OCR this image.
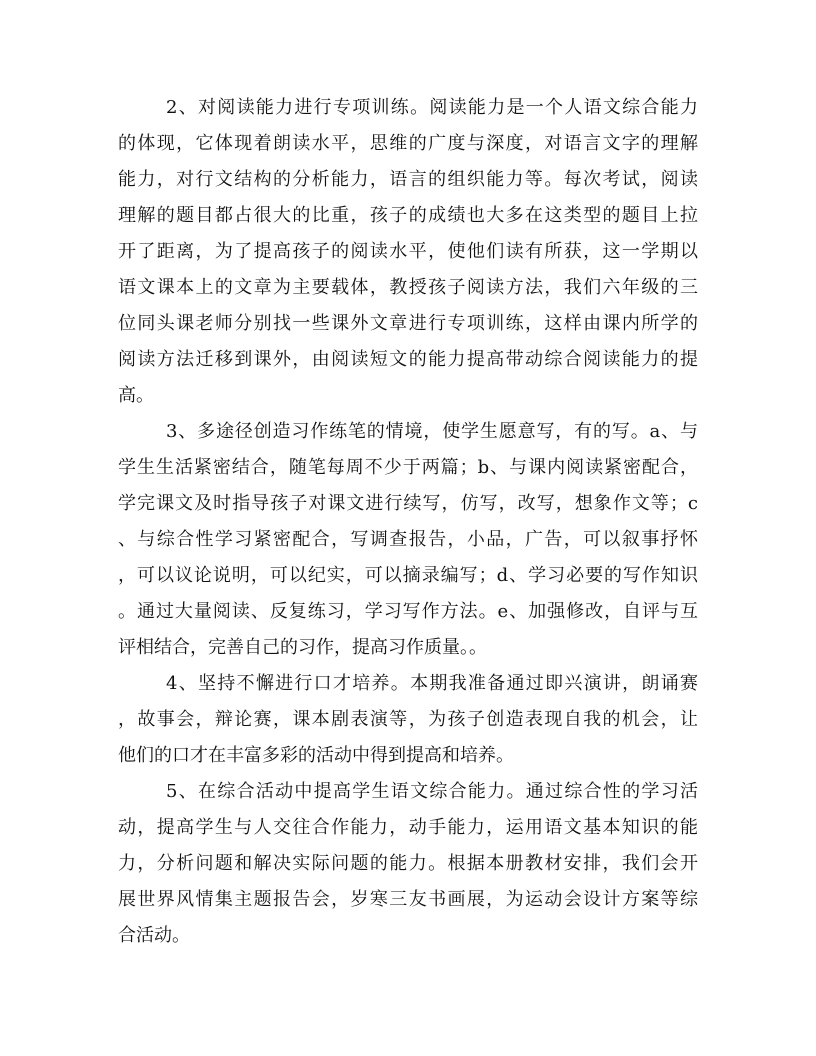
2、对阅读能力进行专项训练。阅读能力是一个人语文综合能力
的体现，它体现着朗读水平，思维的广度与深度，对语言文字的理解
能力，对行文结构的分析能力，语言的组织能力等。每次考试，阅读
理解的题目都占很大的比重，孩子的成绩也大多在这类型的题目上拉
开了距离，为了提高孩子的阅读水平，使他们读有所获，这一学期以
语文课本上的文章为主要载体，教授孩子阅读方法，我们六年级的三
位同头课老师分别找一些课外文章进行专项训练，这样由课内所学的
阅读方法迁移到课外，由阅读短文的能力提高带动综合阅读能力的提
高。
3、多途径创造习作练笔的情境，使学生愿意写，有的写。a、与
学生生活紧密结合，随笔每周不少于两篇；b、与课内阅读紧密配合，
学完课文及时指导孩子对课文进行续写，仿写，改写，想象作文等；c
、与综合性学习紧密配合，写调查报告，小品，广告，可以叙事抒怀
，可以议论说明，可以纪实，可以摘录编写；d、学习必要的写作知识
。通过大量阅读、反复练习，学习写作方法。e、加强修改，自评与互
评相结合，完善自己的习作，提高习作质量。。
4、坚持不懈进行口才培养。本期我准备通过即兴演讲，朗诵赛
，故事会，辩论赛，课本剧表演等，为孩子创造表现自我的机会，让
他们的口才在丰富多彩的活动中得到提高和培养。
5、在综合活动中提高学生语文综合能力。通过综合性的学习活
动，提高学生与人交往合作能力，动手能力，运用语文基本知识的能
力，分析问题和解决实际问题的能力。根据本册教材安排，我们会开
展世界风情集主题报告会，岁寒三友书画展，为运动会设计方案等综
合活动。
